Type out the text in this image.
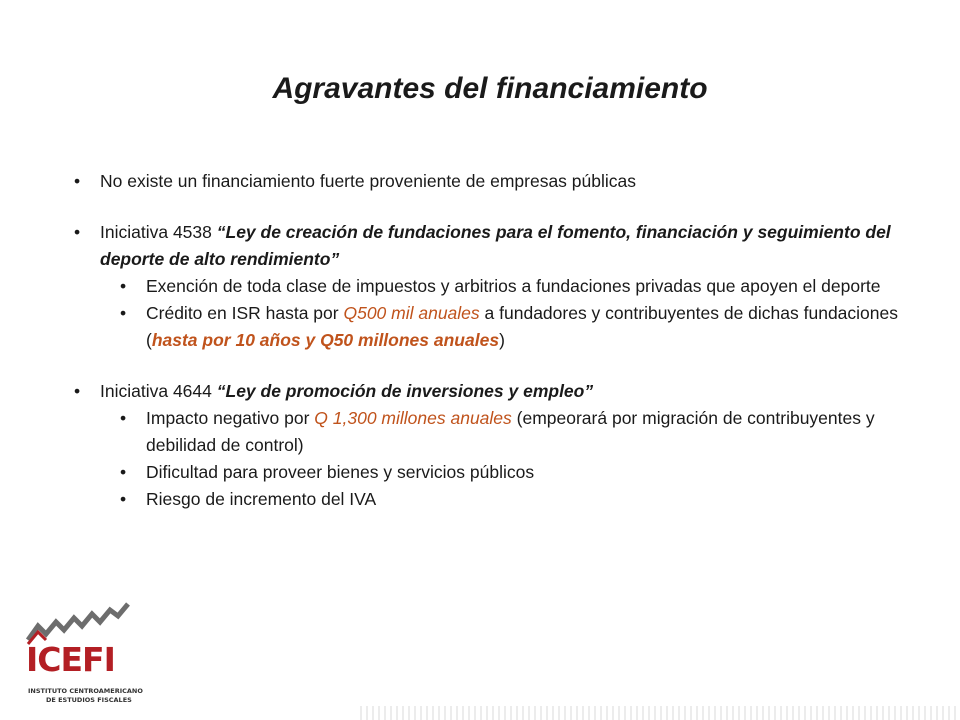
Agravantes del financiamiento
• No existe un financiamiento fuerte proveniente de empresas públicas
• Iniciativa 4538 “Ley de creación de fundaciones para el fomento, financiación y seguimiento del deporte de alto rendimiento”
• Exención de toda clase de impuestos y arbitrios a fundaciones privadas que apoyen el deporte
• Crédito en ISR hasta por Q500 mil anuales a fundadores y contribuyentes de dichas fundaciones (hasta por 10 años y Q50 millones anuales)
• Iniciativa 4644 “Ley de promoción de inversiones y empleo”
• Impacto negativo por Q 1,300 millones anuales (empeorará por migración de contribuyentes y debilidad de control)
• Dificultad para proveer bienes y servicios públicos
• Riesgo de incremento del IVA
ICEFI
INSTITUTO CENTROAMERICANO
DE ESTUDIOS FISCALES
